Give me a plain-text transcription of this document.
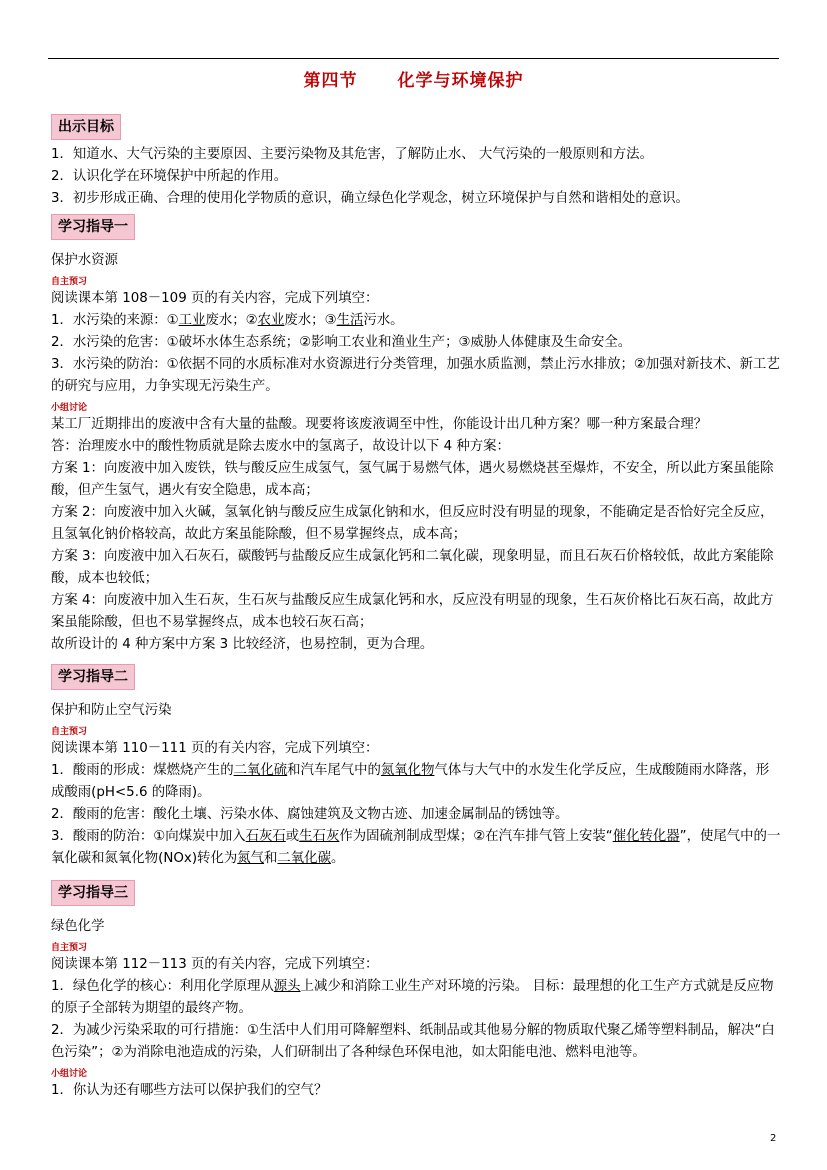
第四节 化学与环境保护
出示目标

1．知道水、大气污染的主要原因、主要污染物及其危害，了解防止水、 大气污染的一般原则和方法。

2．认识化学在环境保护中所起的作用。

3．初步形成正确、合理的使用化学物质的意识，确立绿色化学观念，树立环境保护与自然和谐相处的意识。

学习指导一

保护水资源

自主预习

阅读课本第 108－109 页的有关内容，完成下列填空：

1．水污染的来源：①工业废水；②农业废水；③生活污水。

2．水污染的危害：①破坏水体生态系统；②影响工农业和渔业生产；③威胁人体健康及生命安全。

3．水污染的防治：①依据不同的水质标准对水资源进行分类管理，加强水质监测，禁止污水排放；②加强对新技术、新工艺的研究与应用，力争实现无污染生产。

小组讨论

某工厂近期排出的废液中含有大量的盐酸。现要将该废液调至中性，你能设计出几种方案？哪一种方案最合理？

答：治理废水中的酸性物质就是除去废水中的氢离子，故设计以下 4 种方案：

方案 1：向废液中加入废铁，铁与酸反应生成氢气，氢气属于易燃气体，遇火易燃烧甚至爆炸，不安全，所以此方案虽能除酸，但产生氢气，遇火有安全隐患，成本高；

方案 2：向废液中加入火碱，氢氧化钠与酸反应生成氯化钠和水，但反应时没有明显的现象，不能确定是否恰好完全反应，且氢氧化钠价格较高，故此方案虽能除酸，但不易掌握终点，成本高；

方案 3：向废液中加入石灰石，碳酸钙与盐酸反应生成氯化钙和二氧化碳，现象明显，而且石灰石价格较低，故此方案能除酸，成本也较低；

方案 4：向废液中加入生石灰，生石灰与盐酸反应生成氯化钙和水，反应没有明显的现象，生石灰价格比石灰石高，故此方案虽能除酸，但也不易掌握终点，成本也较石灰石高；

故所设计的 4 种方案中方案 3 比较经济，也易控制，更为合理。

学习指导二

保护和防止空气污染

自主预习

阅读课本第 110－111 页的有关内容，完成下列填空：

1．酸雨的形成：煤燃烧产生的二氧化硫和汽车尾气中的氮氧化物气体与大气中的水发生化学反应，生成酸随雨水降落，形成酸雨(pH<5.6 的降雨)。

2．酸雨的危害：酸化土壤、污染水体、腐蚀建筑及文物古迹、加速金属制品的锈蚀等。

3．酸雨的防治：①向煤炭中加入石灰石或生石灰作为固硫剂制成型煤；②在汽车排气管上安装“催化转化器”，使尾气中的一氧化碳和氮氧化物(NOx)转化为氮气和二氧化碳。

学习指导三

绿色化学

自主预习

阅读课本第 112－113 页的有关内容，完成下列填空：

1．绿色化学的核心：利用化学原理从源头上减少和消除工业生产对环境的污染。 目标：最理想的化工生产方式就是反应物的原子全部转为期望的最终产物。

2．为减少污染采取的可行措施：①生活中人们用可降解塑料、纸制品或其他易分解的物质取代聚乙烯等塑料制品，解决“白色污染”；②为消除电池造成的污染，人们研制出了各种绿色环保电池，如太阳能电池、燃料电池等。

小组讨论

1．你认为还有哪些方法可以保护我们的空气？

2
